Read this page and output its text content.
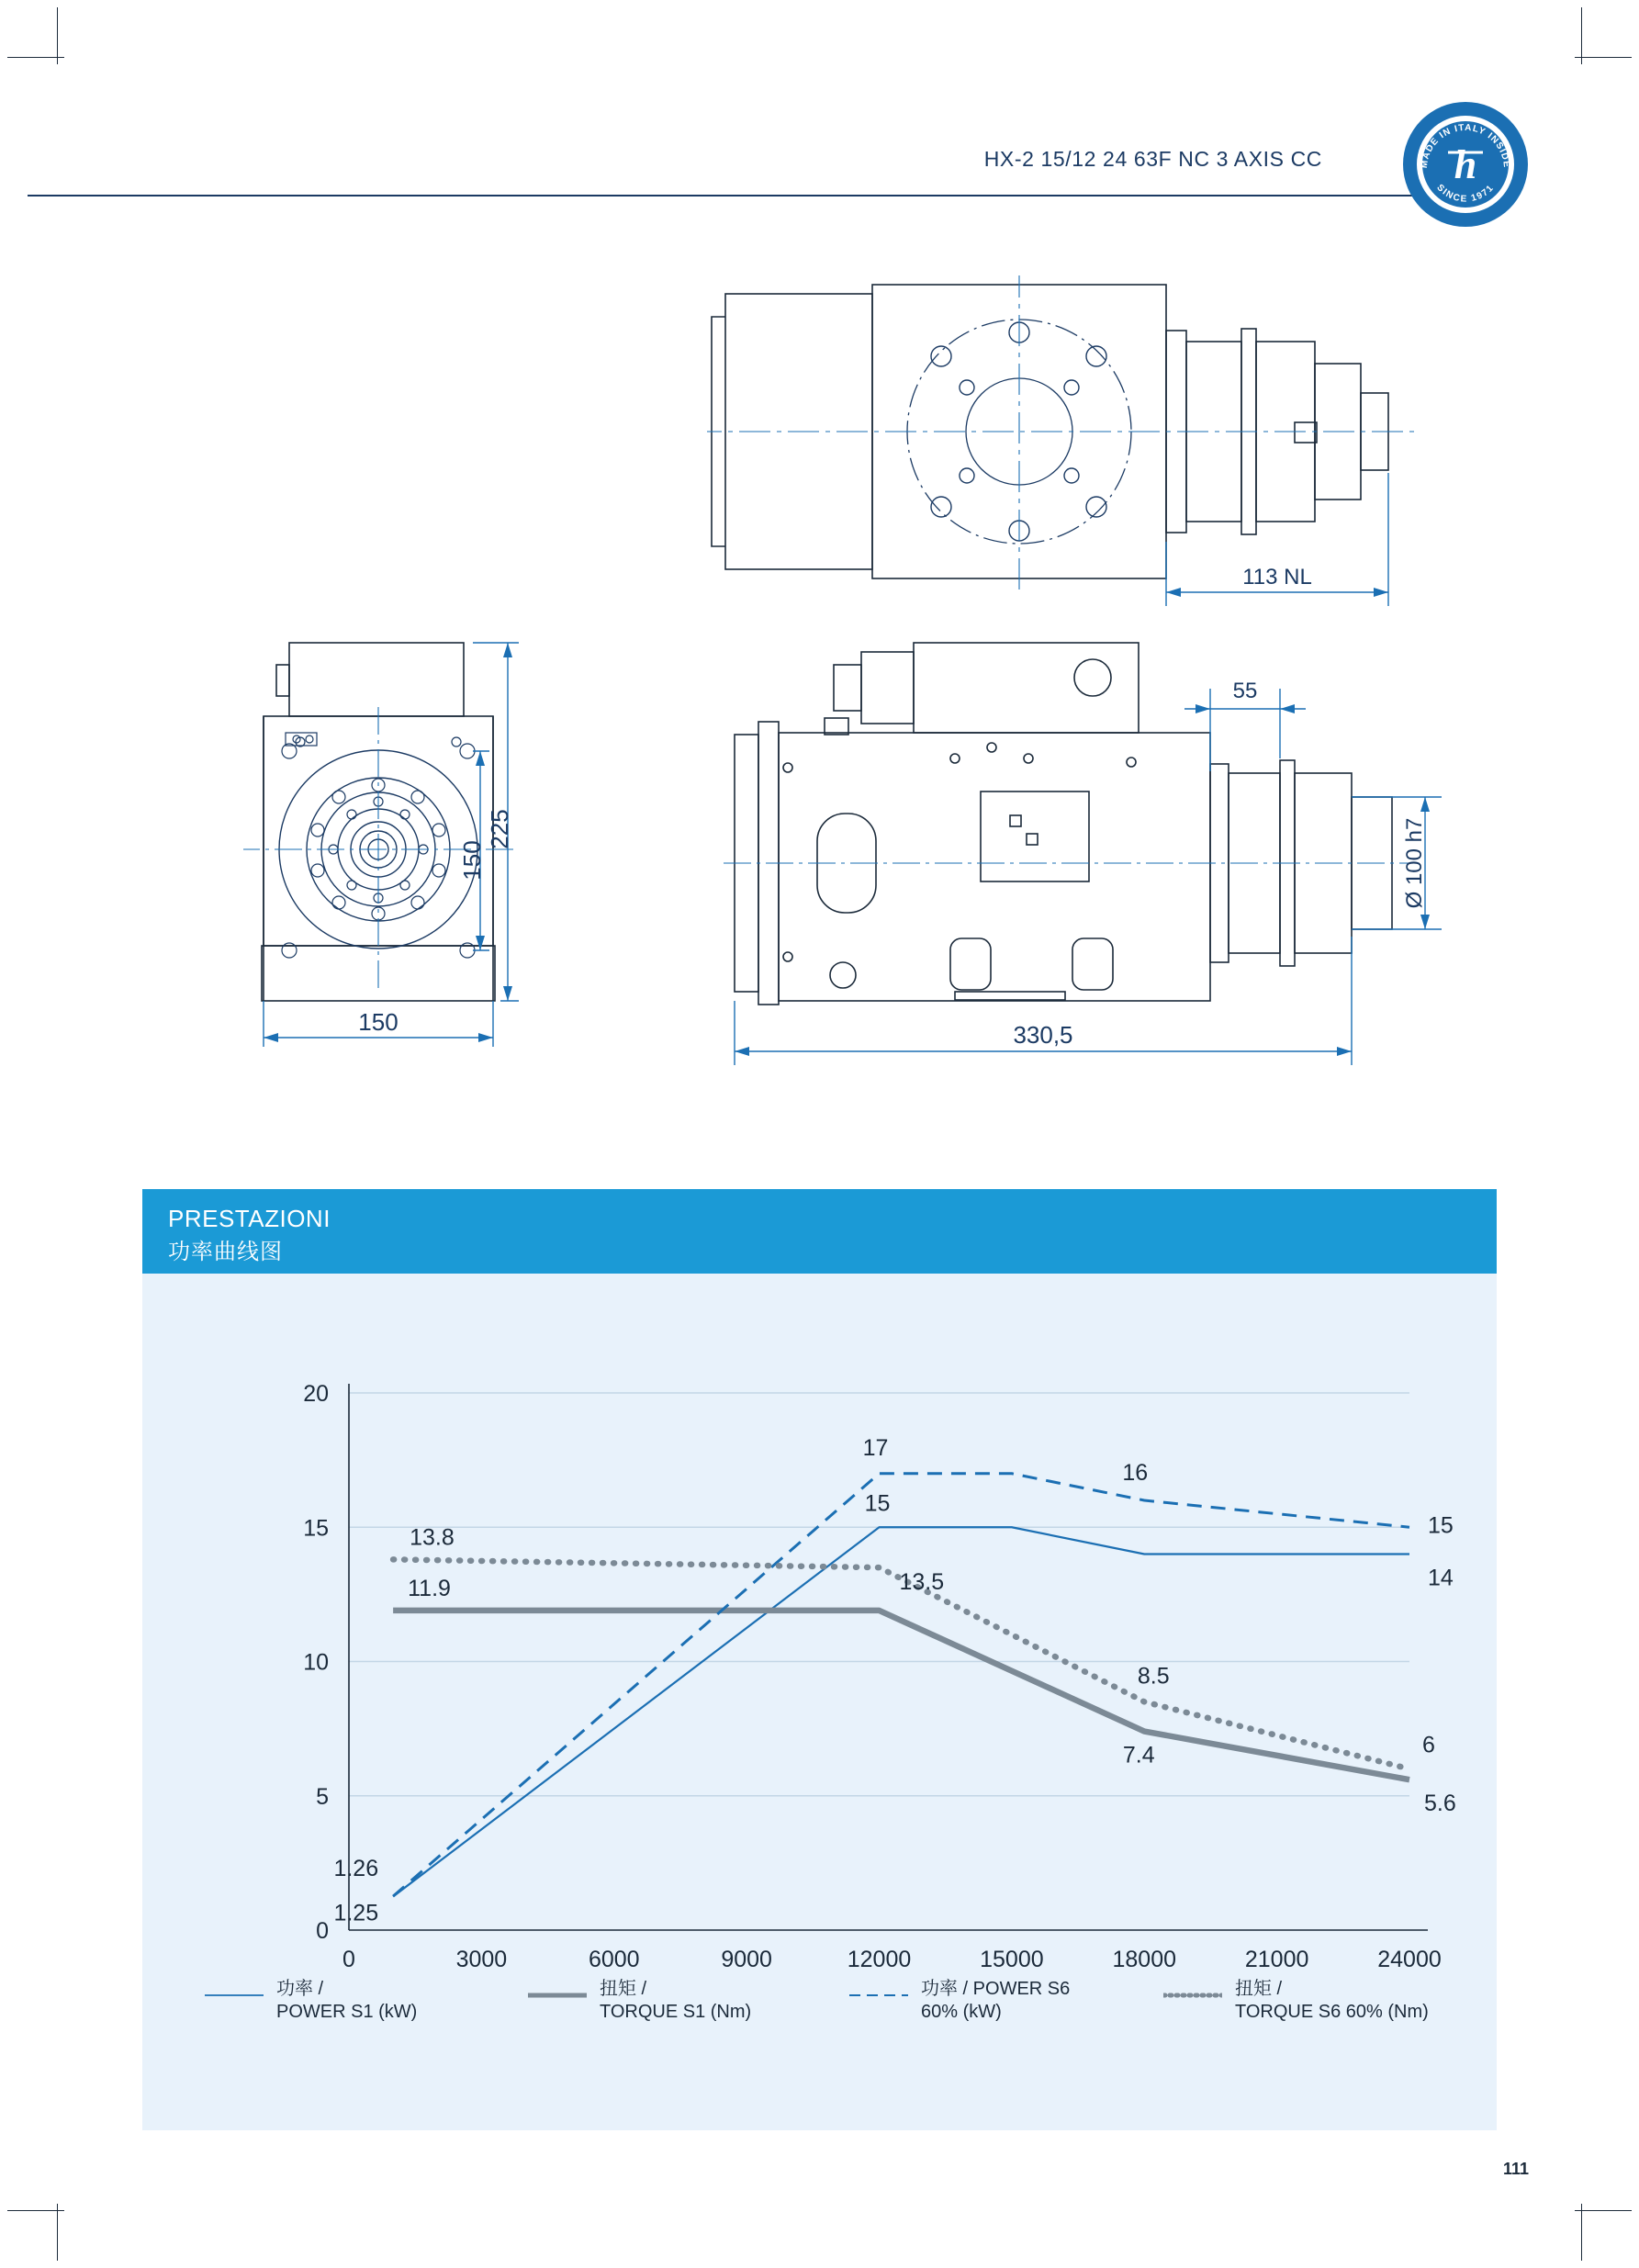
HX-2 15/12 24 63F NC 3 AXIS CC	MADE IN ITALY INSIDE
SINCE 1971
h
113 NL
225
150
150
55
Ø 100 h7
330,5
PRESTAZIONI
功率曲线图
0
5
10
15
20
0	3000	6000	9000	12000	15000	18000	21000	24000
1.25
15
14
11.9
7.4
5.6
1.26
17
16
15
13.8
13.5
8.5
6
功率 /
POWER S1 (kW)
扭矩 /
TORQUE S1 (Nm)
功率 / POWER S6
60% (kW)
扭矩 /
TORQUE S6 60% (Nm)
111
